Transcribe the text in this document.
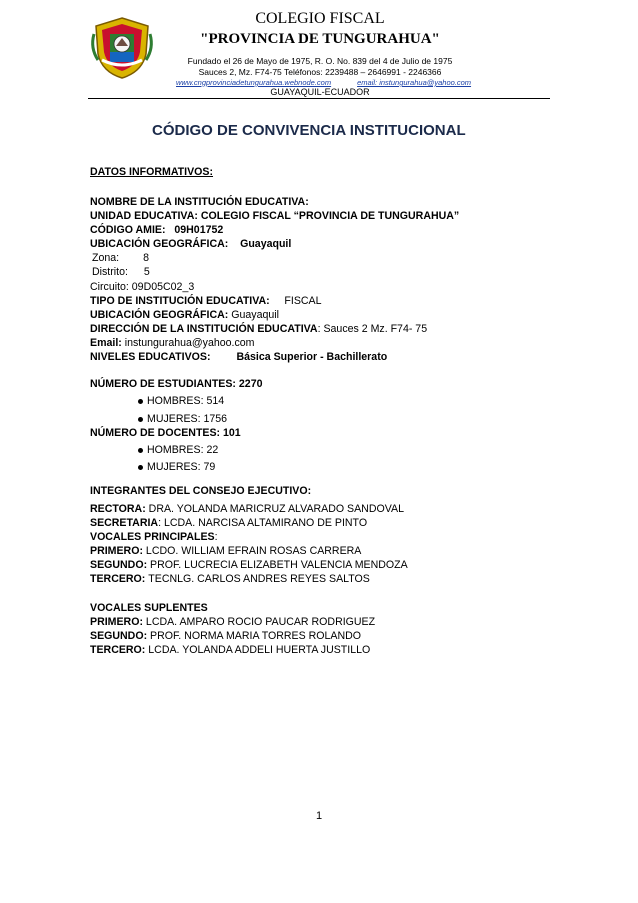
COLEGIO FISCAL
"PROVINCIA DE TUNGURAHUA"
Fundado el 26 de Mayo de 1975, R. O. No. 839 del 4 de Julio de 1975
Sauces 2, Mz. F74-75 Teléfonos: 2239488 – 2646991 - 2246366
www.cngprovinciadetungurahua.webnode.com	email: instungurahua@yahoo.com
GUAYAQUIL-ECUADOR
CÓDIGO DE CONVIVENCIA INSTITUCIONAL
DATOS INFORMATIVOS:
NOMBRE DE LA INSTITUCIÓN EDUCATIVA:
UNIDAD EDUCATIVA: COLEGIO FISCAL “PROVINCIA DE TUNGURAHUA”
CÓDIGO AMIE: 09H01752
UBICACIÓN GEOGRÁFICA: Guayaquil
Zona: 8
Distrito: 5
Circuito: 09D05C02_3
TIPO DE INSTITUCIÓN EDUCATIVA: FISCAL
UBICACIÓN GEOGRÁFICA: Guayaquil
DIRECCIÓN DE LA INSTITUCIÓN EDUCATIVA: Sauces 2 Mz. F74- 75
Email: instungurahua@yahoo.com
NIVELES EDUCATIVOS: Básica Superior - Bachillerato
NÚMERO DE ESTUDIANTES: 2270
HOMBRES: 514
MUJERES: 1756
NÚMERO DE DOCENTES: 101
HOMBRES: 22
MUJERES: 79
INTEGRANTES DEL CONSEJO EJECUTIVO:
RECTORA: DRA. YOLANDA MARICRUZ ALVARADO SANDOVAL
SECRETARIA: LCDA. NARCISA ALTAMIRANO DE PINTO
VOCALES PRINCIPALES:
PRIMERO: LCDO. WILLIAM EFRAIN ROSAS CARRERA
SEGUNDO: PROF. LUCRECIA ELIZABETH VALENCIA MENDOZA
TERCERO: TECNLG. CARLOS ANDRES REYES SALTOS
VOCALES SUPLENTES
PRIMERO: LCDA. AMPARO ROCIO PAUCAR RODRIGUEZ
SEGUNDO: PROF. NORMA MARIA TORRES ROLANDO
TERCERO: LCDA. YOLANDA ADDELI HUERTA JUSTILLO
1
